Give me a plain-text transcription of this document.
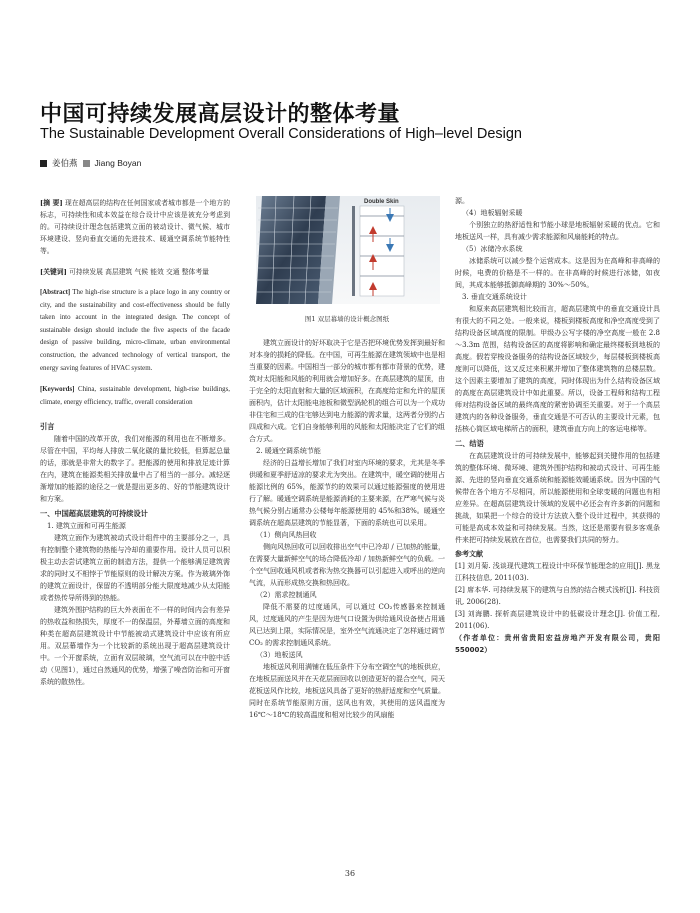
中国可持续发展高层设计的整体考量
The Sustainable Development Overall Considerations of High–level Design
姜伯燕 Jiang Boyan

[摘 要] 现在超高层的结构在任何国家或者城市都是一个地方的标志，可持续性和成本效益在综合设计中应该是被充分考虑到的。可持续设计理念包括建筑立面的被动设计、微气候、城市环境建设、竖向垂直交通的先进技术、暖通空调系统节能特性等。

[关键词] 可持续发展 高层建筑 气候 能效 交通 整体考量

[Abstract] The high-rise structure is a place logo in any country or city, and the sustainability and cost-effectiveness should be fully taken into account in the integrated design. The concept of sustainable design should include the five aspects of the facade design of passive building, micro-climate, urban environmental construction, the advanced technology of vertical transport, the energy saving features of HVAC system.

[Keywords] China, sustainable development, high-rise buildings, climate, energy efficiency, traffic, overall consideration

引言

随着中国的改革开放，我们对能源的利用也在不断增多。尽管在中国，平均每人排放二氧化碳的量比较低，但算起总量的话，那就是非常大的数字了。把能源的使用和排放足迹计算在内，建筑在能源类相关排放量中占了相当的一部分。减轻逐渐增加的能源的途径之一就是提出更多的、好的节能建筑设计和方案。

一、中国超高层建筑的可持续设计

1. 建筑立面和可再生能源

建筑立面作为建筑被动式设计组件中的主要部分之一，具有控制整个建筑物的热能与冷却的重要作用。设计人员可以积极主动去尝试建筑立面的制造方法，提供一个能够满足建筑需求的同时又不相悖于节能原则的设计解决方案。作为玻璃外饰的建筑立面设计，保留的不透明部分能大限度地减少从太阳能或者热传导所得到的热能。

建筑外围护结构的巨大外表面在不一样的时间内会有差异的热收益和热损失，厚度不一的保温层，外幕墙立面的高度和种类在超高层建筑设计中节能被动式建筑设计中应该有所应用。双层幕墙作为一个比较新的系统出现于超高层建筑设计中。一个开窗系统，立面有双层玻璃，空气流可以在中腔中活动（见图1），通过自然通风的优势，增强了噪音防治和可开窗系统的散热性。

Double Skin
图1 双层幕墙的设计概念图纸

建筑立面设计的好坏取决于它是否把环境优势发挥到最好和对本身的损耗的降低。在中国，可再生能源在建筑领域中也是相当重要的因素。中国相当一部分的城市都有都市背景的优势，建筑对太阳能和风能的利用就会增加好多。在高层建筑的屋顶，由于完全的太阳直射和大量的区域面积，在高度给定和允许的屋顶面积内，估计太阳能电池板和微型涡轮机的组合可以为一个成功非住宅和三成的住宅够达到电力能源的需求量，这两者分别约占四成和六成。它们自身能够利用的风能和太阳能决定了它们的组合方式。

2. 暖通空调系统节能

经济的日益增长增加了我们对室内环境的要求，尤其是冬季供暖和夏季舒适凉的要求尤为突出。在建筑中，暖空调的使用占能源比例的 65%，能源节约的效果可以通过能源强度的使用进行了解。暖通空调系统是能源消耗的主要来源，在严寒气候与炎热气候分别占通常办公楼每年能源使用的 45%和38%。暖通空调系统在超高层建筑的节能显著，下面的系统也可以采用。

（1）侧向风热回收

侧向风热回收可以回收排出空气中已冷却 / 已加热的能量，在需要大量新鲜空气的场合降低冷却 / 加热新鲜空气的负载。一个空气回收通风机或者称为热交换器可以引起进入或呼出的逆向气流，从而形成热交换和热回收。

（2）需求控制通风

降低不需要的过度通风，可以通过 CO₂传感器来控制通风，过度通风的产生是因为进气口设置为供给通风设备使占用通风已达到上限，实际情况是，室外空气流通决定了怎样通过调节 CO₂ 的需求控制通风系统。

（3）地板送风

地板送风利用满铺在低压条件下分布空调空气的地板供应，在地板层面送风并在天花层面回收以创造更好的混合空气，同天花板送风作比较，地板送风具备了更好的热舒适度和空气质量。同时在系统节能原则方面，送风也有效，其使用的送风温度为 16℃～18℃的较高温度和相对比较少的风扇能

源。

（4）地板辐射采暖

个别独立的热舒适性和节能小球是地板辐射采暖的优点。它和地板送风一样，具有减少需求能源和风扇能耗的特点。

（5）冰储冷水系统

冰储系统可以减少整个运营成本。这是因为在高峰和非高峰的时候，电费的价格是不一样的。在非高峰的时候进行冰储，如夜间，其成本能够抵御高峰期的 30%～50%。

3. 垂直交通系统设计

和原来高层建筑相比较而言，超高层建筑中的垂直交通设计具有很大的不同之处。一般来说，楼板到楼板高度和净空高度受到了结构设备区域高度的限制。甲级办公写字楼的净空高度一般在 2.8～3.3m 范围，结构设备区的高度将影响和确定最终楼板到地板的高度。假若穿梭设备服务的结构设备区域较少，每层楼板到楼板高度则可以降低，这又反过来积累并增加了整体建筑物的总楼层数。这个因素主要增加了建筑的高度，同时体现出为什么结构设备区域的高度在高层建筑设计中如此重要。所以，设备工程师和结构工程师对结构设备区域的最终高度的紧密协调至关重要。对于一个高层建筑内的各种设备服务，垂直交通是不可否认的主要设计元素，包括核心筒区域电梯所占的面积，建筑垂直方向上的客运电梯等。

二、结语

在高层建筑设计的可持续发展中，能够起到关键作用的包括建筑的整体环境、微环境、建筑外围护结构和被动式设计、可再生能源、先进的竖向垂直交通系统和能源能效暖通系统。因为中国的气候带在各个地方不尽相同，所以能源使用和全球变暖的问题也有相应差异。在超高层建筑设计领域的发展中必还会有许多新的问题和挑战，如果把一个综合的设计方法放入整个设计过程中，其获得的可能是高成本效益和可持续发展。当然，这还是需要有很多客观条件来把可持续发展放在首位，也需要我们共同的努力。

参考文献

[1] 刘月菊. 浅谈现代建筑工程设计中环保节能理念的应用[J]. 黑龙江科技信息, 2011(03).

[2] 席本华. 可持续发展下的建筑与自然的结合模式浅析[J]. 科技资讯, 2006(28).

[3] 刘海鹏. 探析高层建筑设计中的低碳设计理念[J]. 价值工程, 2011(06).

（作者单位：贵州省贵阳宏益房地产开发有限公司，贵阳 550002）

36
